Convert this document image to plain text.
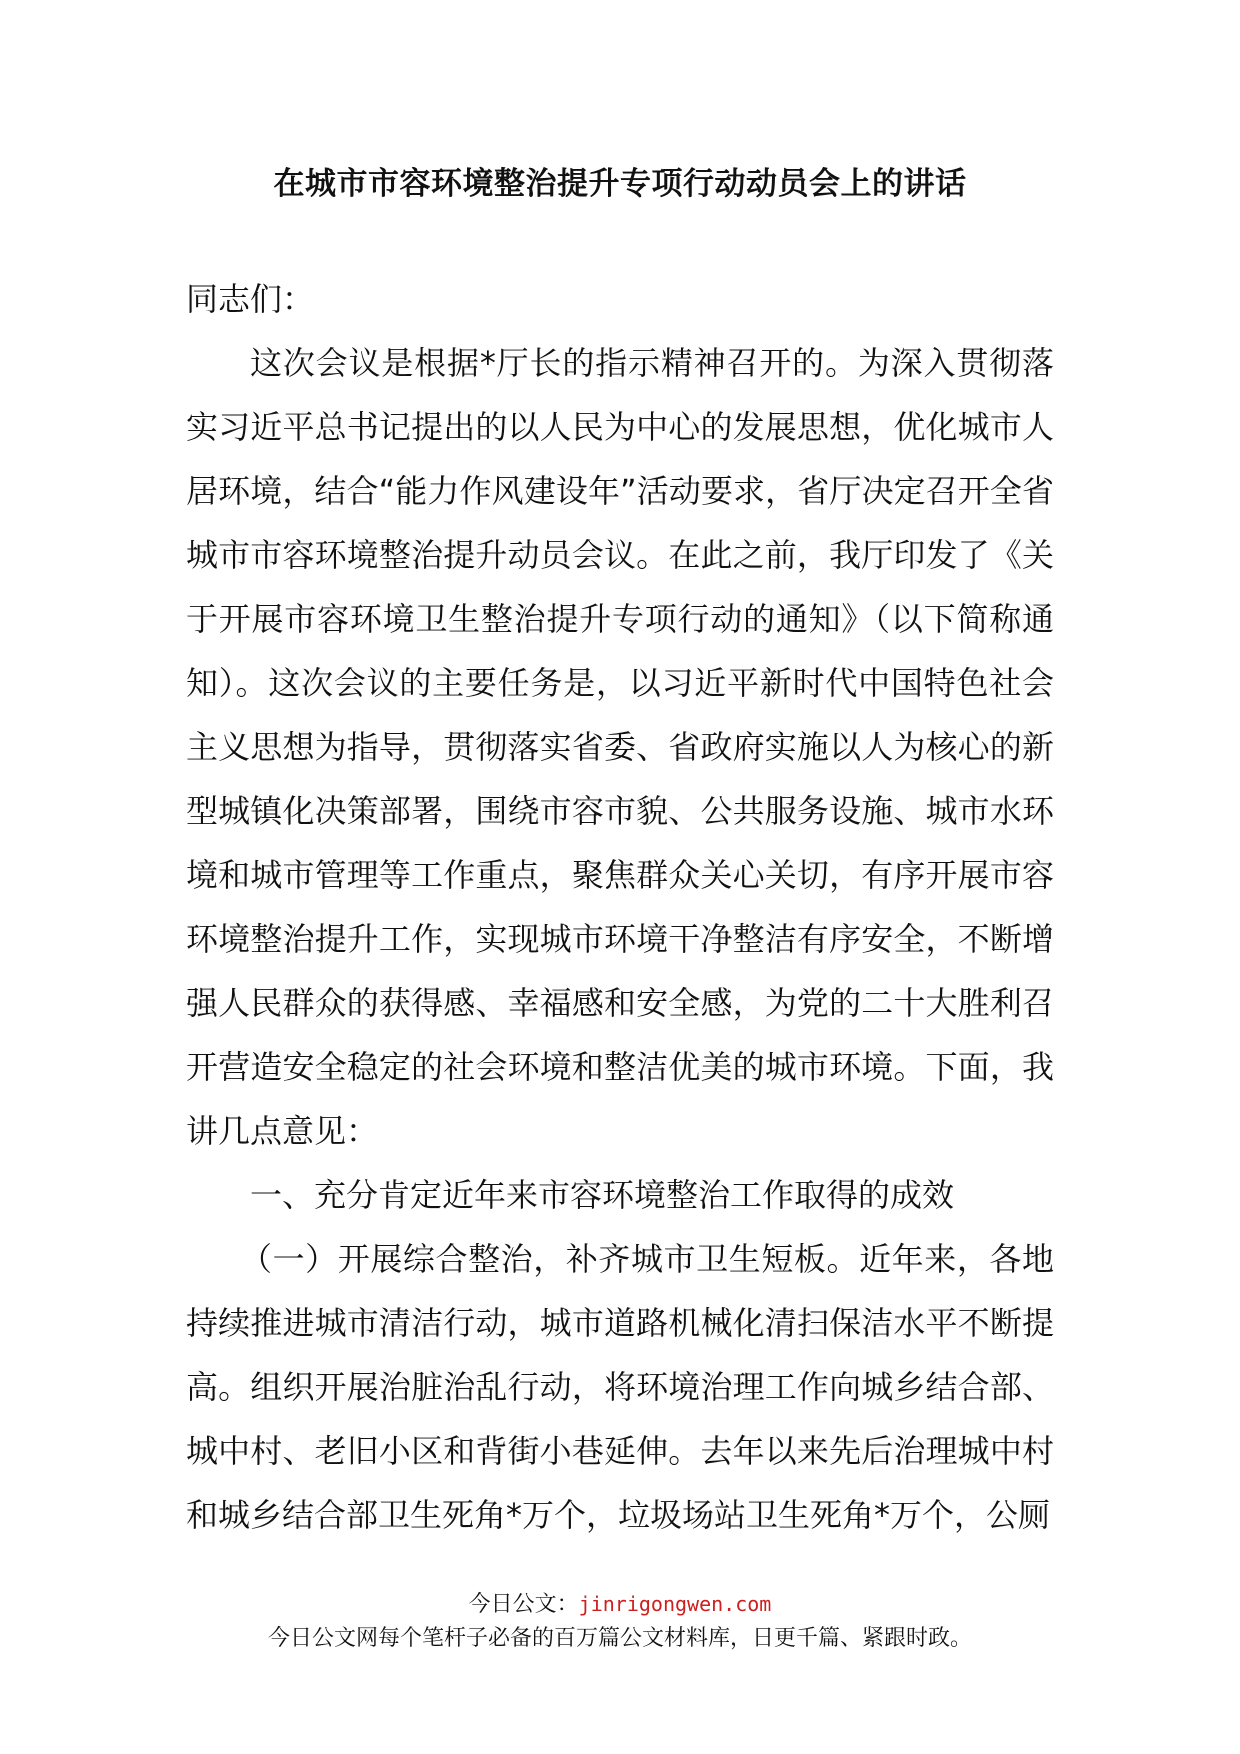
在城市市容环境整治提升专项行动动员会上的讲话

同志们：

这次会议是根据*厅长的指示精神召开的。为深入贯彻落实习近平总书记提出的以人民为中心的发展思想，优化城市人居环境，结合“能力作风建设年”活动要求，省厅决定召开全省城市市容环境整治提升动员会议。在此之前，我厅印发了《关于开展市容环境卫生整治提升专项行动的通知》（以下简称通知）。这次会议的主要任务是，以习近平新时代中国特色社会主义思想为指导，贯彻落实省委、省政府实施以人为核心的新型城镇化决策部署，围绕市容市貌、公共服务设施、城市水环境和城市管理等工作重点，聚焦群众关心关切，有序开展市容环境整治提升工作，实现城市环境干净整洁有序安全，不断增强人民群众的获得感、幸福感和安全感，为党的二十大胜利召开营造安全稳定的社会环境和整洁优美的城市环境。下面，我讲几点意见：

一、充分肯定近年来市容环境整治工作取得的成效

（一）开展综合整治，补齐城市卫生短板。近年来，各地持续推进城市清洁行动，城市道路机械化清扫保洁水平不断提高。组织开展治脏治乱行动，将环境治理工作向城乡结合部、城中村、老旧小区和背街小巷延伸。去年以来先后治理城中村和城乡结合部卫生死角*万个，垃圾场站卫生死角*万个，公厕

今日公文：jinrigongwen.com
今日公文网每个笔杆子必备的百万篇公文材料库，日更千篇、紧跟时政。
